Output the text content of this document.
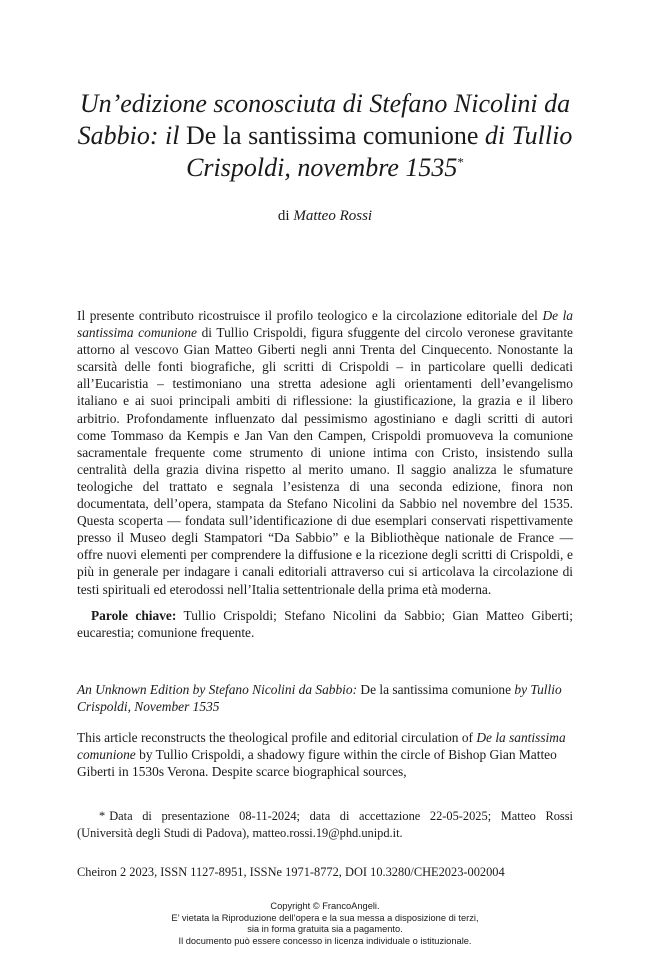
Un’edizione sconosciuta di Stefano Nicolini da Sabbio: il De la santissima comunione di Tullio Crispoldi, novembre 1535*
di Matteo Rossi

Il presente contributo ricostruisce il profilo teologico e la circolazione editoriale del De la santissima comunione di Tullio Crispoldi, figura sfuggente del circolo veronese gravitante attorno al vescovo Gian Matteo Giberti negli anni Trenta del Cinquecento. Nonostante la scarsità delle fonti biografiche, gli scritti di Crispoldi – in particolare quelli dedicati all’Eucaristia – testimoniano una stretta adesione agli orientamenti dell’evangelismo italiano e ai suoi principali ambiti di riflessione: la giustificazione, la grazia e il libero arbitrio. Profondamente influenzato dal pessimismo agostiniano e dagli scritti di autori come Tommaso da Kempis e Jan Van den Campen, Crispoldi promuoveva la comunione sacramentale frequente come strumento di unione intima con Cristo, insistendo sulla centralità della grazia divina rispetto al merito umano. Il saggio analizza le sfumature teologiche del trattato e segnala l’esistenza di una seconda edizione, finora non documentata, dell’opera, stampata da Stefano Nicolini da Sabbio nel novembre del 1535. Questa scoperta — fondata sull’identificazione di due esemplari conservati rispettivamente presso il Museo degli Stampatori “Da Sabbio” e la Bibliothèque nationale de France — offre nuovi elementi per comprendere la diffusione e la ricezione degli scritti di Crispoldi, e più in generale per indagare i canali editoriali attraverso cui si articolava la circolazione di testi spirituali ed eterodossi nell’Italia settentrionale della prima età moderna.

Parole chiave: Tullio Crispoldi; Stefano Nicolini da Sabbio; Gian Matteo Giberti; eucarestia; comunione frequente.

An Unknown Edition by Stefano Nicolini da Sabbio: De la santissima comunione by Tullio Crispoldi, November 1535

This article reconstructs the theological profile and editorial circulation of De la santissima comunione by Tullio Crispoldi, a shadowy figure within the circle of Bishop Gian Matteo Giberti in 1530s Verona. Despite scarce biographical sources,

* Data di presentazione 08-11-2024; data di accettazione 22-05-2025; Matteo Rossi (Università degli Studi di Padova), matteo.rossi.19@phd.unipd.it.

Cheiron 2 2023, ISSN 1127-8951, ISSNe 1971-8772, DOI 10.3280/CHE2023-002004

Copyright © FrancoAngeli.
E’ vietata la Riproduzione dell’opera e la sua messa a disposizione di terzi,
sia in forma gratuita sia a pagamento.
Il documento può essere concesso in licenza individuale o istituzionale.
